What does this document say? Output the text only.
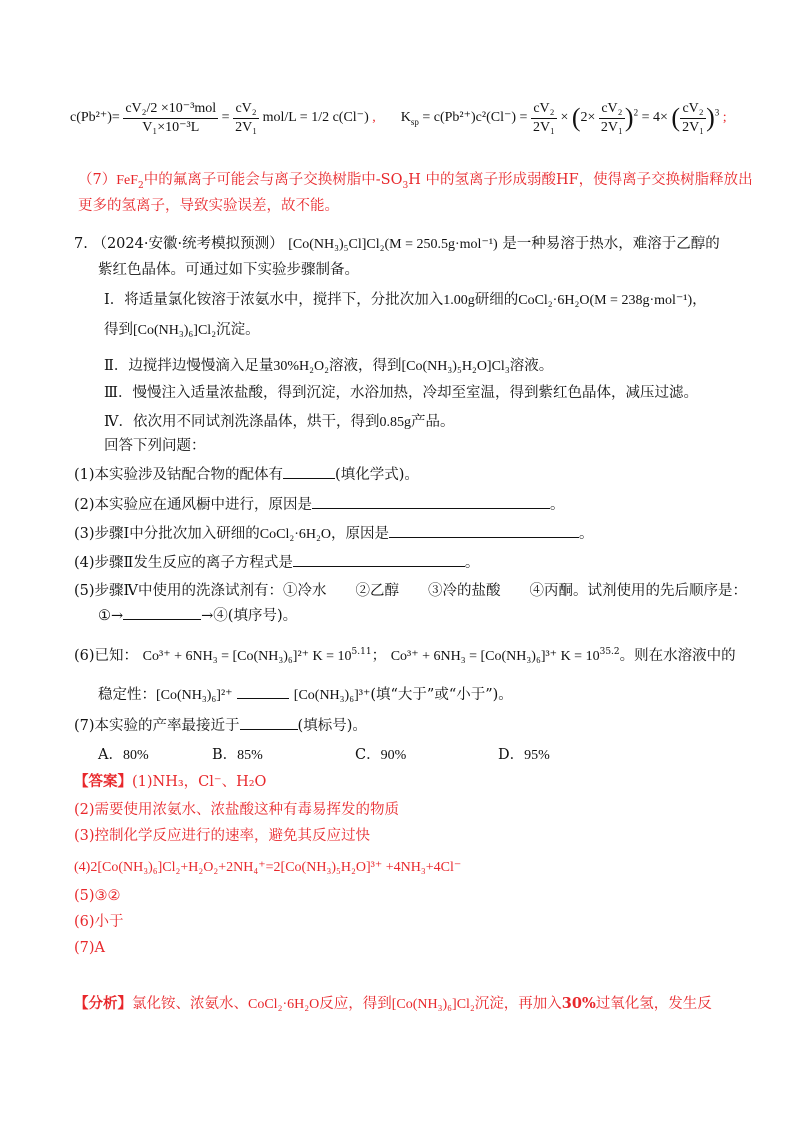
$c(Pb^{2+})= \frac{\text{cV₂/2 ×10⁻³mol}}{\text{V₁×10⁻³L}} = \frac{\text{cV₂}}{\text{2V₁}} mol/L = 1/2$ c(Cl⁻) , $K_{sp} = c(Pb^{2+})c^2(Cl^-) = \frac{\text{cV₂}}{\text{2V₁}} \times (2\times \frac{\text{cV₂}}{\text{2V₁}} )^2 = 4\times$ ( $\frac{\text{cV₂}}{\text{2V₁}} )^3$ ;
（7）FeF$_2$中的氟离子可能会与离子交换树脂中$-SO_3H$ 中的氢离子形成弱酸HF，使得离子交换树脂释放出
更多的氢离子，导致实验误差，故不能。
7. （2024·安徽·统考模拟预测） [Co(NH₃)₅Cl]Cl₂(M = 250.5g·mol⁻¹) 是一种易溶于热水，难溶于乙醇的
紫红色晶体。可通过如下实验步骤制备。
Ⅰ．将适量氯化铵溶于浓氨水中，搅拌下，分批次加入1.00g研细的CoCl₂·6H₂O(M = 238g·mol⁻¹)，
得到[Co(NH₃)₆]Cl₂沉淀。
Ⅱ．边搅拌边慢慢滴入足量30%H₂O₂溶液，得到[Co(NH₃)₅H₂O]Cl₃溶液。
Ⅲ．慢慢注入适量浓盐酸，得到沉淀，水浴加热，冷却至室温，得到紫红色晶体，减压过滤。
Ⅳ．依次用不同试剂洗涤晶体，烘干，得到0.85g产品。
回答下列问题：
(1)本实验涉及钴配合物的配体有	(填化学式)。
(2)本实验应在通风橱中进行，原因是	。
(3)步骤Ⅰ中分批次加入研细的CoCl₂·6H₂O，原因是	。
(4)步骤Ⅱ发生反应的离子方程式是	。
(5)步骤Ⅳ中使用的洗涤试剂有：①冷水　　②乙醇　　③冷的盐酸　　④丙酮。试剂使用的先后顺序是：
①→	→④(填序号)。
(6)已知： Co³⁺ + 6NH₃ = [Co(NH₃)₆]²⁺ $K = 10^{5.11}$； Co³⁺ + 6NH₃ = [Co(NH₃)₆]³⁺ $K = 10^{35.2}$。则在水溶液中的
稳定性：[Co(NH₃)₆]²⁺	[Co(NH₃)₆]³⁺(填“大于”或“小于”)。
(7)本实验的产率最接近于	(填标号)。
A．80%	B．85%	C．90%	D．95%
【答案】(1)NH₃，Cl⁻、H₂O
(2)需要使用浓氨水、浓盐酸这种有毒易挥发的物质
(3)控制化学反应进行的速率，避免其反应过快
(4)2[Co(NH₃)₆]Cl₂+H₂O₂+2NH₄⁺=2[Co(NH₃)₅H₂O]³⁺ +4NH₃+4Cl⁻
(5)③②
(6)小于
(7)A
【分析】氯化铵、浓氨水、CoCl₂·6H₂O反应，得到[Co(NH₃)₆]Cl₂沉淀，再加入30%过氧化氢，发生反
